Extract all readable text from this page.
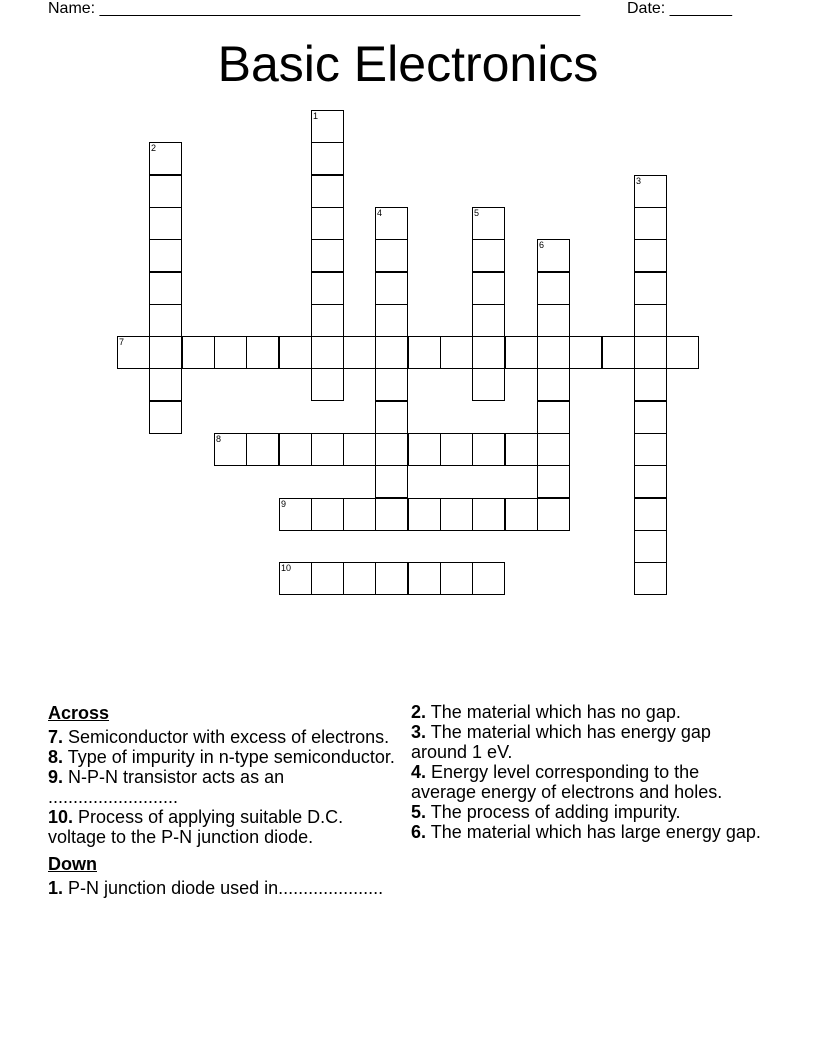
Name: ______________________________________________________	Date: _______
Basic Electronics
7
8
9
10
1
2
3
4	5
6
Across
7. Semiconductor with excess of electrons.
8. Type of impurity in n-type semiconductor.
9. N-P-N transistor acts as an ..........................
10. Process of applying suitable D.C. voltage to the P-N junction diode.
Down
1. P-N junction diode used in.....................
2. The material which has no gap.
3. The material which has energy gap around 1 eV.
4. Energy level corresponding to the average energy of electrons and holes.
5. The process of adding impurity.
6. The material which has large energy gap.
